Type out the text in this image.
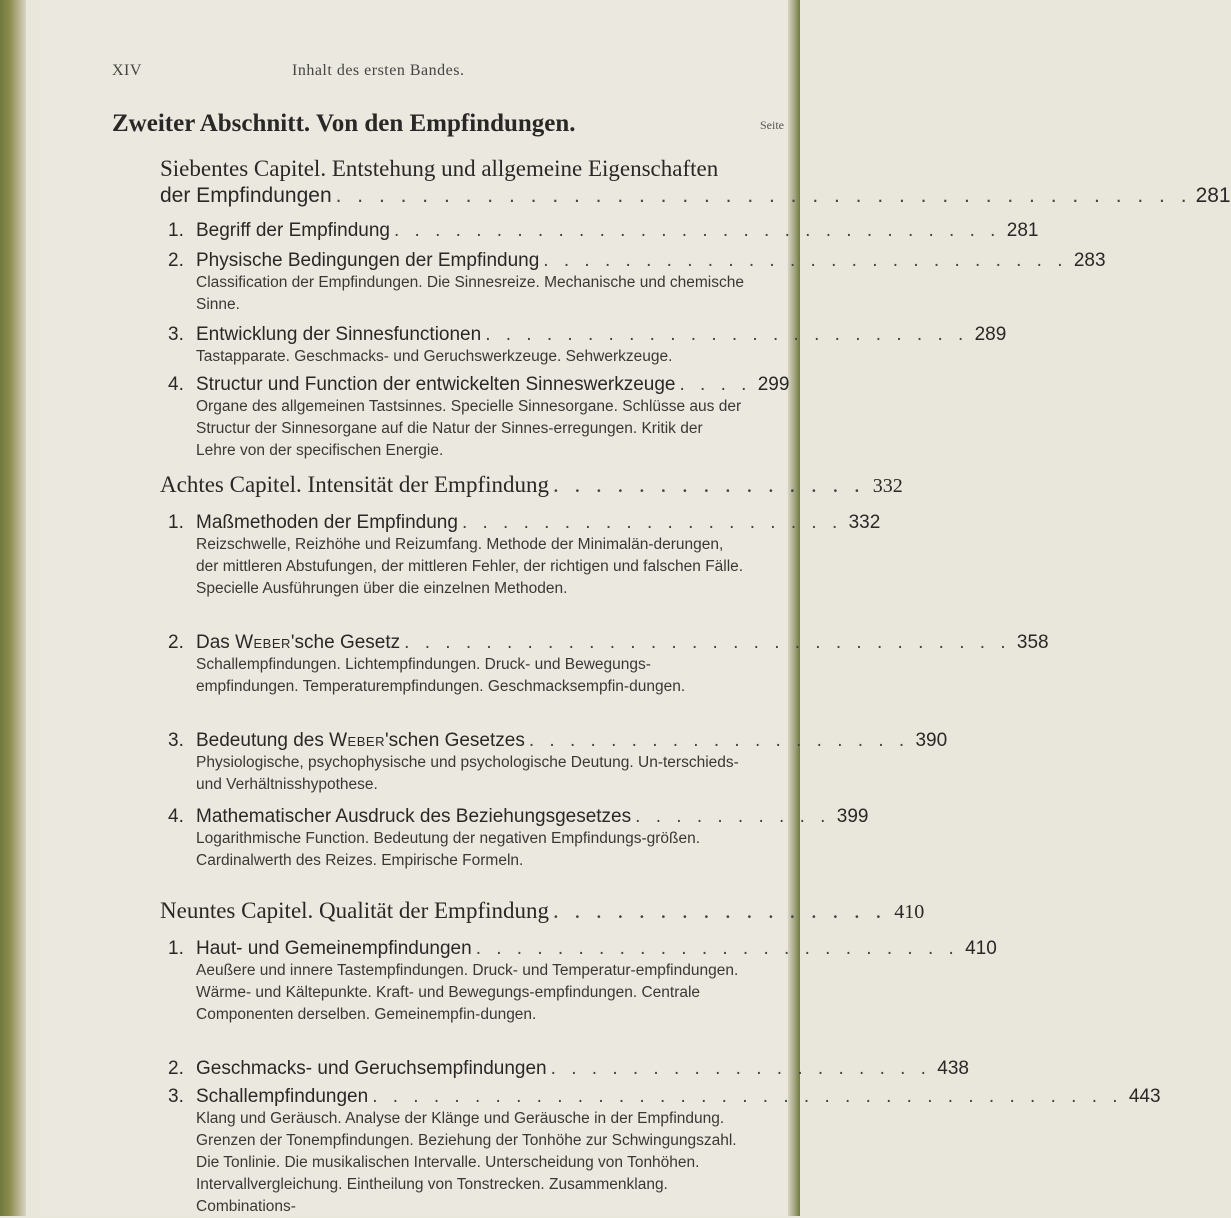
XIV	Inhalt des ersten Bandes.
Zweiter Abschnitt. Von den Empfindungen.	Seite
Siebentes Capitel. Entstehung und allgemeine Eigenschaften
der Empfindungen . . . . . . . . . . . . . . . . . . . . . . . . . . . . . . . . . . . . . . . . 281
1. Begriff der Empfindung . . . . . . . . . . . . . . . . . . . . . . . . . . . . . . 281
2. Physische Bedingungen der Empfindung . . . . . . . . . . . . . . . . . . . . . . . . . . 283
Classification der Empfindungen. Die Sinnesreize. Mechanische und chemische Sinne.
3. Entwicklung der Sinnesfunctionen . . . . . . . . . . . . . . . . . . . . . . . . 289
Tastapparate. Geschmacks- und Geruchswerkzeuge. Sehwerkzeuge.
4. Structur und Function der entwickelten Sinneswerkzeuge . . . . 299
Organe des allgemeinen Tastsinnes. Specielle Sinnesorgane. Schlüsse aus der Structur der Sinnesorgane auf die Natur der Sinnes-erregungen. Kritik der Lehre von der specifischen Energie.
Achtes Capitel. Intensität der Empfindung . . . . . . . . . . . . . . . 332
1. Maßmethoden der Empfindung . . . . . . . . . . . . . . . . . . . 332
Reizschwelle, Reizhöhe und Reizumfang. Methode der Minimalän-derungen, der mittleren Abstufungen, der mittleren Fehler, der richtigen und falschen Fälle. Specielle Ausführungen über die einzelnen Methoden.
2. Das Weber'sche Gesetz . . . . . . . . . . . . . . . . . . . . . . . . . . . . . . 358
Schallempfindungen. Lichtempfindungen. Druck- und Bewegungs-empfindungen. Temperaturempfindungen. Geschmacksempfin-dungen.
3. Bedeutung des Weber'schen Gesetzes . . . . . . . . . . . . . . . . . . . 390
Physiologische, psychophysische und psychologische Deutung. Un-terschieds- und Verhältnisshypothese.
4. Mathematischer Ausdruck des Beziehungsgesetzes . . . . . . . . . . 399
Logarithmische Function. Bedeutung der negativen Empfindungs-größen. Cardinalwerth des Reizes. Empirische Formeln.
Neuntes Capitel. Qualität der Empfindung . . . . . . . . . . . . . . . . 410
1. Haut- und Gemeinempfindungen . . . . . . . . . . . . . . . . . . . . . . . . 410
Aeußere und innere Tastempfindungen. Druck- und Temperatur-empfindungen. Wärme- und Kältepunkte. Kraft- und Bewegungs-empfindungen. Centrale Componenten derselben. Gemeinempfin-dungen.
2. Geschmacks- und Geruchsempfindungen . . . . . . . . . . . . . . . . . . . 438
3. Schallempfindungen . . . . . . . . . . . . . . . . . . . . . . . . . . . . . . . . . . . . . 443
Klang und Geräusch. Analyse der Klänge und Geräusche in der Empfindung. Grenzen der Tonempfindungen. Beziehung der Tonhöhe zur Schwingungszahl. Die Tonlinie. Die musikalischen Intervalle. Unterscheidung von Tonhöhen. Intervallvergleichung. Eintheilung von Tonstrecken. Zusammenklang. Combinations-
